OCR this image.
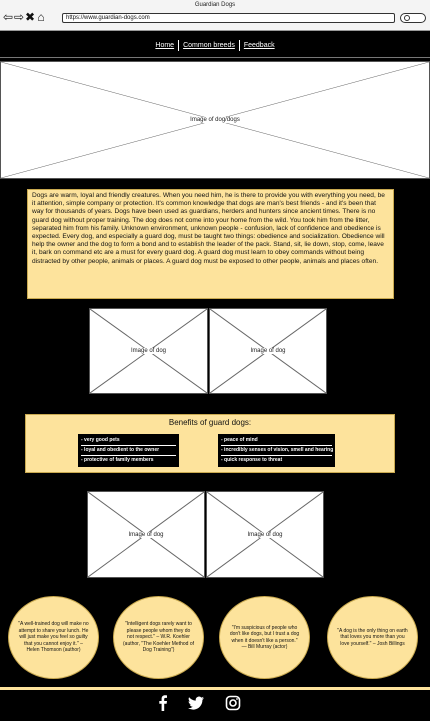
Guardian Dogs
⇦⇨✖⌂	https://www.guardian-dogs.com
Home Common breeds Feedback
Image of dog/dogs
Dogs are warm, loyal and friendly creatures. When you need him, he is there to provide you with everything you need, be it attention, simple company or protection. It's common knowledge that dogs are man's best friends - and it's been that way for thousands of years. Dogs have been used as guardians, herders and hunters since ancient times. There is no guard dog without proper training. The dog does not come into your home from the wild. You took him from the litter, separated him from his family. Unknown environment, unknown people - confusion, lack of confidence and obedience is expected. Every dog, and especially a guard dog, must be taught two things: obedience and socialization. Obedience will help the owner and the dog to form a bond and to establish the leader of the pack. Stand, sit, lie down, stop, come, leave it, bark on command etc are a must for every guard dog. A guard dog must learn to obey commands without being distracted by other people, animals or places. A guard dog must be exposed to other people, animals and places often.
Image of dog	Image of dog
Benefits of guard dogs:
- very good pets
- loyal and obedient to the owner
- protective of family members
- peace of mind
- incredibly senses of vision, smell and hearing
- quick response to threat
Image of dog	Image of dog
"A well-trained dog will make no attempt to share your lunch. He will just make you feel so guilty that you cannot enjoy it." – Helen Thomson (author)
"Intelligent dogs rarely want to please people whom they do not respect." – W.R. Koehler (author, "The Koehler Method of Dog Training")
"I'm suspicious of people who don't like dogs, but I trust a dog when it doesn't like a person." — Bill Murray (actor)
"A dog is the only thing on earth that loves you more than you love yourself." – Josh Billings
